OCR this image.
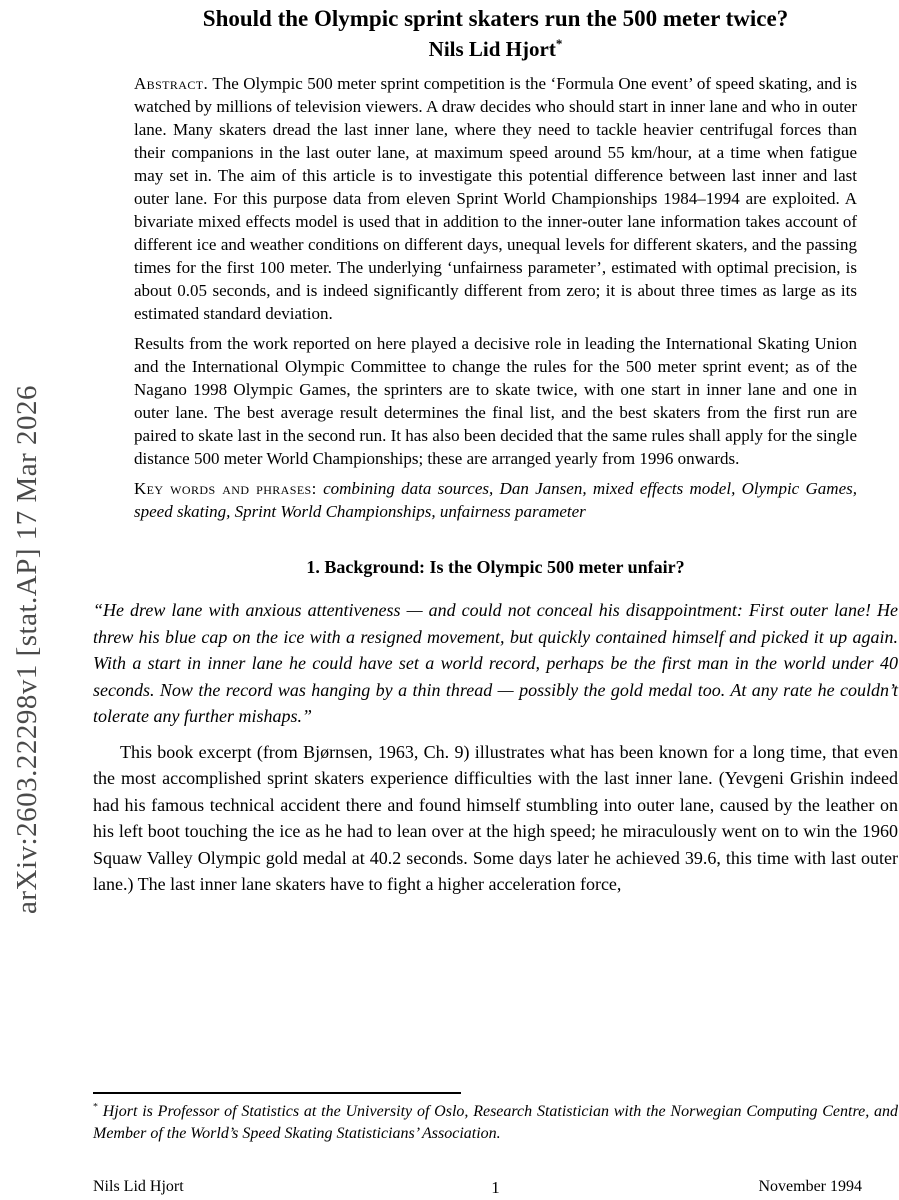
arXiv:2603.22298v1 [stat.AP] 17 Mar 2026
Should the Olympic sprint skaters run the 500 meter twice?
Nils Lid Hjort*

Abstract. The Olympic 500 meter sprint competition is the ‘Formula One event’ of speed skating, and is watched by millions of television viewers. A draw decides who should start in inner lane and who in outer lane. Many skaters dread the last inner lane, where they need to tackle heavier centrifugal forces than their companions in the last outer lane, at maximum speed around 55 km/hour, at a time when fatigue may set in. The aim of this article is to investigate this potential difference between last inner and last outer lane. For this purpose data from eleven Sprint World Championships 1984–1994 are exploited. A bivariate mixed effects model is used that in addition to the inner-outer lane information takes account of different ice and weather conditions on different days, unequal levels for different skaters, and the passing times for the first 100 meter. The underlying ‘unfairness parameter’, estimated with optimal precision, is about 0.05 seconds, and is indeed significantly different from zero; it is about three times as large as its estimated standard deviation.

Results from the work reported on here played a decisive role in leading the International Skating Union and the International Olympic Committee to change the rules for the 500 meter sprint event; as of the Nagano 1998 Olympic Games, the sprinters are to skate twice, with one start in inner lane and one in outer lane. The best average result determines the final list, and the best skaters from the first run are paired to skate last in the second run. It has also been decided that the same rules shall apply for the single distance 500 meter World Championships; these are arranged yearly from 1996 onwards.

Key words and phrases: combining data sources, Dan Jansen, mixed effects model, Olympic Games, speed skating, Sprint World Championships, unfairness parameter

1. Background: Is the Olympic 500 meter unfair?

“He drew lane with anxious attentiveness — and could not conceal his disappointment: First outer lane! He threw his blue cap on the ice with a resigned movement, but quickly contained himself and picked it up again. With a start in inner lane he could have set a world record, perhaps be the first man in the world under 40 seconds. Now the record was hanging by a thin thread — possibly the gold medal too. At any rate he couldn’t tolerate any further mishaps.”

This book excerpt (from Bjørnsen, 1963, Ch. 9) illustrates what has been known for a long time, that even the most accomplished sprint skaters experience difficulties with the last inner lane. (Yevgeni Grishin indeed had his famous technical accident there and found himself stumbling into outer lane, caused by the leather on his left boot touching the ice as he had to lean over at the high speed; he miraculously went on to win the 1960 Squaw Valley Olympic gold medal at 40.2 seconds. Some days later he achieved 39.6, this time with last outer lane.) The last inner lane skaters have to fight a higher acceleration force,

* Hjort is Professor of Statistics at the University of Oslo, Research Statistician with the Norwegian Computing Centre, and Member of the World’s Speed Skating Statisticians’ Association.

Nils Lid Hjort	1	November 1994
